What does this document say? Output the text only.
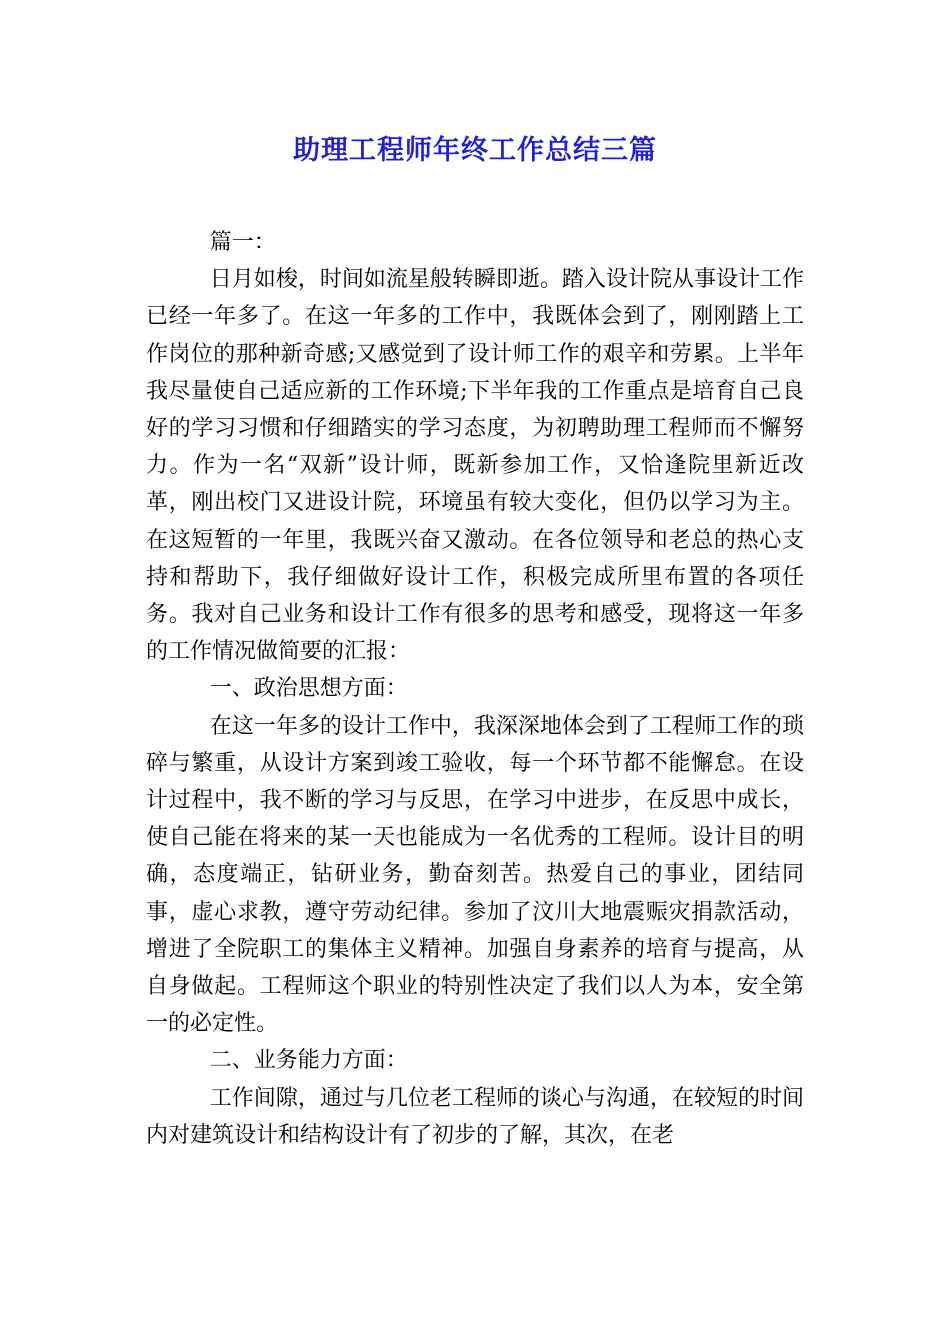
助理工程师年终工作总结三篇

篇一：

日月如梭，时间如流星般转瞬即逝。踏入设计院从事设计工作已经一年多了。在这一年多的工作中，我既体会到了，刚刚踏上工作岗位的那种新奇感;又感觉到了设计师工作的艰辛和劳累。上半年我尽量使自己适应新的工作环境;下半年我的工作重点是培育自己良好的学习习惯和仔细踏实的学习态度，为初聘助理工程师而不懈努力。作为一名“双新”设计师，既新参加工作，又恰逢院里新近改革，刚出校门又进设计院，环境虽有较大变化，但仍以学习为主。在这短暂的一年里，我既兴奋又激动。在各位领导和老总的热心支持和帮助下，我仔细做好设计工作，积极完成所里布置的各项任务。我对自己业务和设计工作有很多的思考和感受，现将这一年多的工作情况做简要的汇报：

一、政治思想方面：

在这一年多的设计工作中，我深深地体会到了工程师工作的琐碎与繁重，从设计方案到竣工验收，每一个环节都不能懈怠。在设计过程中，我不断的学习与反思，在学习中进步，在反思中成长，使自己能在将来的某一天也能成为一名优秀的工程师。设计目的明确，态度端正，钻研业务，勤奋刻苦。热爱自己的事业，团结同事，虚心求教，遵守劳动纪律。参加了汶川大地震赈灾捐款活动，增进了全院职工的集体主义精神。加强自身素养的培育与提高，从自身做起。工程师这个职业的特别性决定了我们以人为本，安全第一的必定性。

二、业务能力方面：

工作间隙，通过与几位老工程师的谈心与沟通，在较短的时间内对建筑设计和结构设计有了初步的了解，其次，在老
